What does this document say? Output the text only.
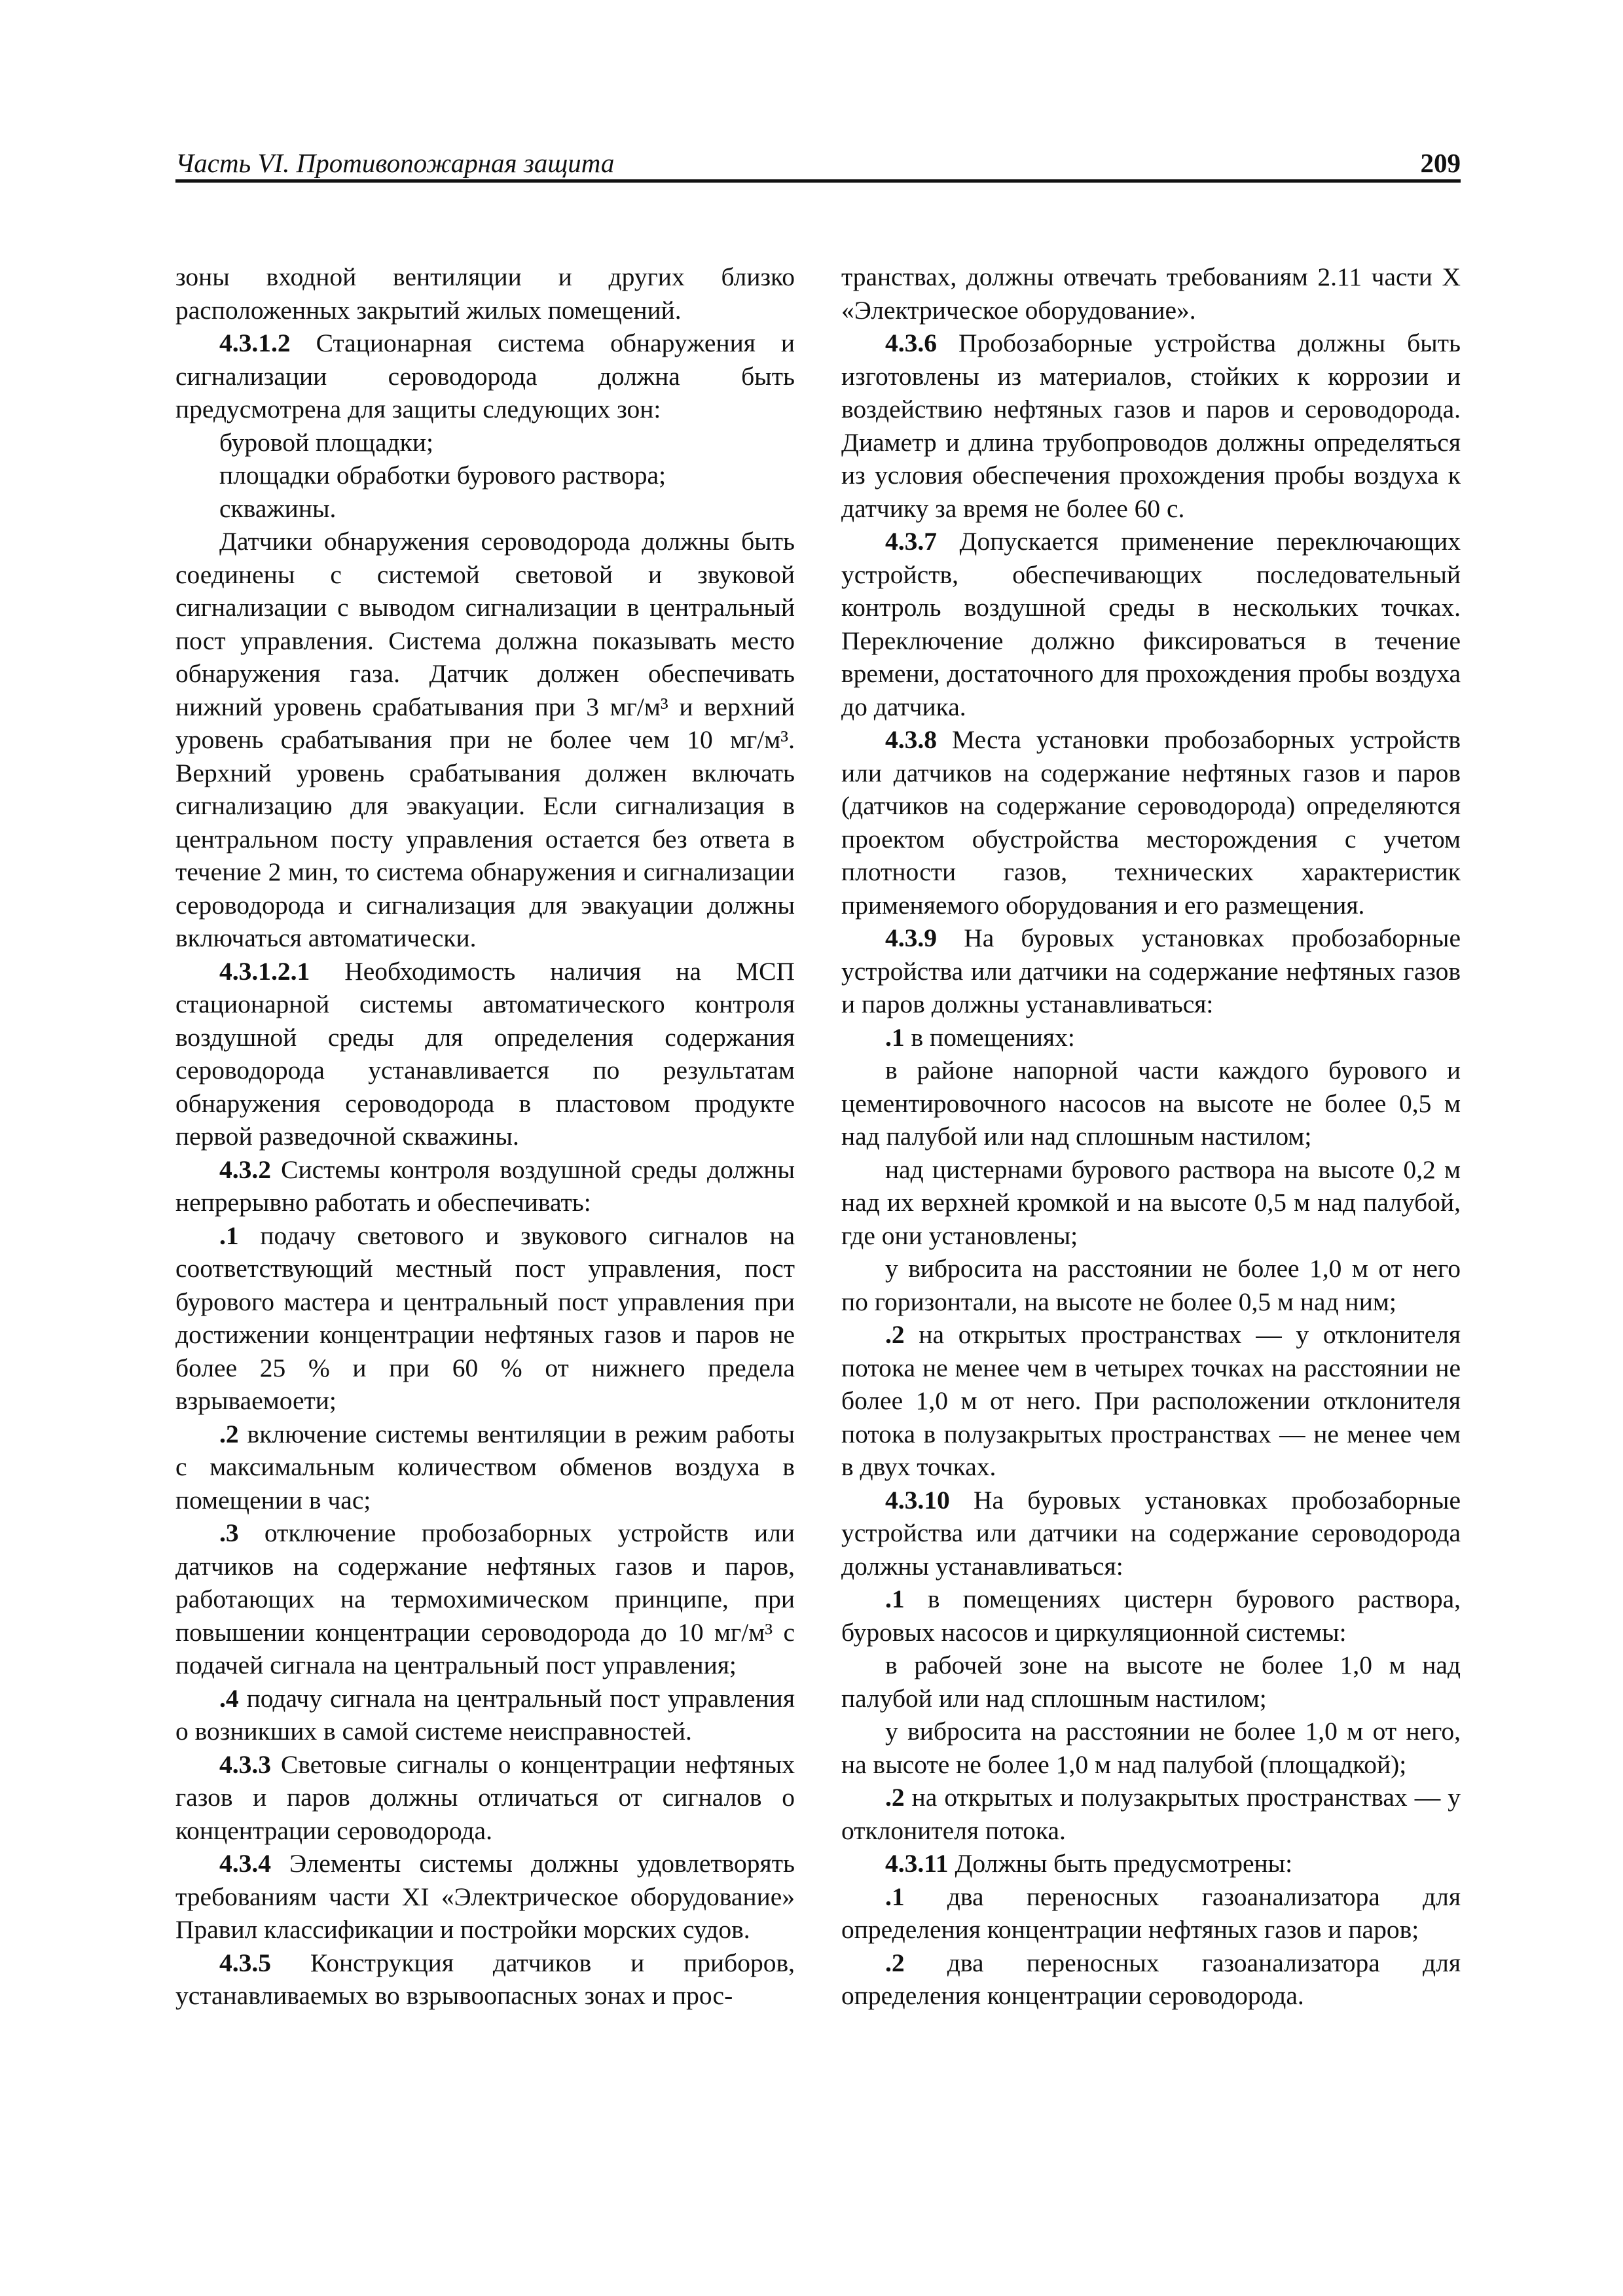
Часть VI. Противопожарная защита	209

зоны входной вентиляции и других близко расположенных закрытий жилых помещений.

4.3.1.2 Стационарная система обнаружения и сигнализации сероводорода должна быть предусмотрена для защиты следующих зон:

буровой площадки;

площадки обработки бурового раствора;

скважины.

Датчики обнаружения сероводорода должны быть соединены с системой световой и звуковой сигнализации с выводом сигнализации в центральный пост управления. Система должна показывать место обнаружения газа. Датчик должен обеспечивать нижний уровень срабатывания при 3 мг/м³ и верхний уровень срабатывания при не более чем 10 мг/м³. Верхний уровень срабатывания должен включать сигнализацию для эвакуации. Если сигнализация в центральном посту управления остается без ответа в течение 2 мин, то система обнаружения и сигнализации сероводорода и сигнализация для эвакуации должны включаться автоматически.

4.3.1.2.1 Необходимость наличия на МСП стационарной системы автоматического контроля воздушной среды для определения содержания сероводорода устанавливается по результатам обнаружения сероводорода в пластовом продукте первой разведочной скважины.

4.3.2 Системы контроля воздушной среды должны непрерывно работать и обеспечивать:

.1 подачу светового и звукового сигналов на соответствующий местный пост управления, пост бурового мастера и центральный пост управления при достижении концентрации нефтяных газов и паров не более 25 % и при 60 % от нижнего предела взрываемоети;

.2 включение системы вентиляции в режим работы с максимальным количеством обменов воздуха в помещении в час;

.3 отключение пробозаборных устройств или датчиков на содержание нефтяных газов и паров, работающих на термохимическом принципе, при повышении концентрации сероводорода до 10 мг/м³ с подачей сигнала на центральный пост управления;

.4 подачу сигнала на центральный пост управления о возникших в самой системе неисправностей.

4.3.3 Световые сигналы о концентрации нефтяных газов и паров должны отличаться от сигналов о концентрации сероводорода.

4.3.4 Элементы системы должны удовлетворять требованиям части XI «Электрическое оборудование» Правил классификации и постройки морских судов.

4.3.5 Конструкция датчиков и приборов, устанавливаемых во взрывоопасных зонах и прос-

транствах, должны отвечать требованиям 2.11 части X «Электрическое оборудование».

4.3.6 Пробозаборные устройства должны быть изготовлены из материалов, стойких к коррозии и воздействию нефтяных газов и паров и сероводорода. Диаметр и длина трубопроводов должны определяться из условия обеспечения прохождения пробы воздуха к датчику за время не более 60 с.

4.3.7 Допускается применение переключающих устройств, обеспечивающих последовательный контроль воздушной среды в нескольких точках. Переключение должно фиксироваться в течение времени, достаточного для прохождения пробы воздуха до датчика.

4.3.8 Места установки пробозаборных устройств или датчиков на содержание нефтяных газов и паров (датчиков на содержание сероводорода) определяются проектом обустройства месторождения с учетом плотности газов, технических характеристик применяемого оборудования и его размещения.

4.3.9 На буровых установках пробозаборные устройства или датчики на содержание нефтяных газов и паров должны устанавливаться:

.1 в помещениях:

в районе напорной части каждого бурового и цементировочного насосов на высоте не более 0,5 м над палубой или над сплошным настилом;

над цистернами бурового раствора на высоте 0,2 м над их верхней кромкой и на высоте 0,5 м над палубой, где они установлены;

у вибросита на расстоянии не более 1,0 м от него по горизонтали, на высоте не более 0,5 м над ним;

.2 на открытых пространствах — у отклонителя потока не менее чем в четырех точках на расстоянии не более 1,0 м от него. При расположении отклонителя потока в полузакрытых пространствах — не менее чем в двух точках.

4.3.10 На буровых установках пробозаборные устройства или датчики на содержание сероводорода должны устанавливаться:

.1 в помещениях цистерн бурового раствора, буровых насосов и циркуляционной системы:

в рабочей зоне на высоте не более 1,0 м над палубой или над сплошным настилом;

у вибросита на расстоянии не более 1,0 м от него, на высоте не более 1,0 м над палубой (площадкой);

.2 на открытых и полузакрытых пространствах — у отклонителя потока.

4.3.11 Должны быть предусмотрены:

.1 два переносных газоанализатора для определения концентрации нефтяных газов и паров;

.2 два переносных газоанализатора для определения концентрации сероводорода.
